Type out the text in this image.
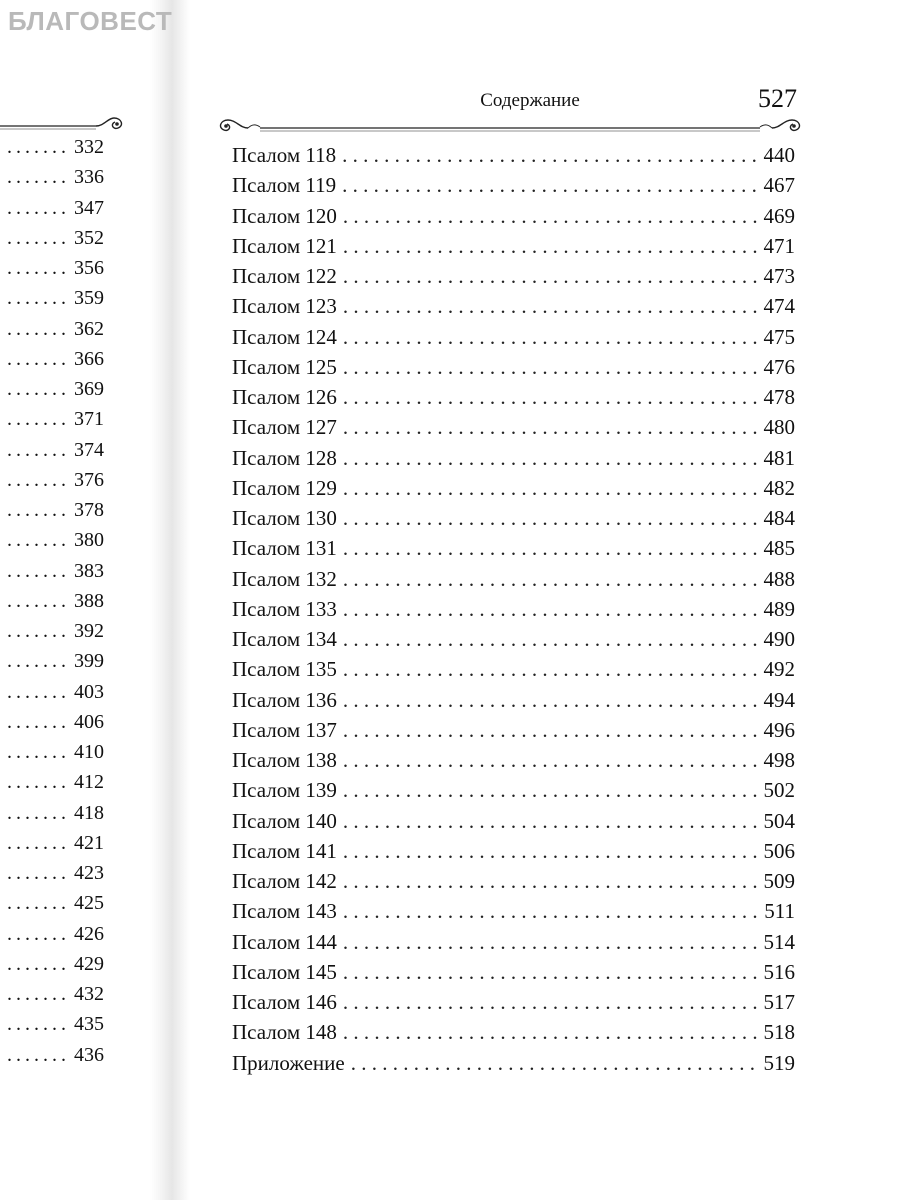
БЛАГОВЕСТ
....... 332
....... 336
....... 347
....... 352
....... 356
....... 359
....... 362
....... 366
....... 369
....... 371
....... 374
....... 376
....... 378
....... 380
....... 383
....... 388
....... 392
....... 399
....... 403
....... 406
....... 410
....... 412
....... 418
....... 421
....... 423
....... 425
....... 426
....... 429
....... 432
....... 435
....... 436
Содержание	527
Псалом 118 . . .	440
Псалом 119 . . .	467
Псалом 120 . . .	469
Псалом 121 . . .	471
Псалом 122 . . .	473
Псалом 123 . . .	474
Псалом 124 . . .	475
Псалом 125 . . .	476
Псалом 126 . . .	478
Псалом 127 . . .	480
Псалом 128 . . .	481
Псалом 129 . . .	482
Псалом 130 . . .	484
Псалом 131 . . .	485
Псалом 132 . . .	488
Псалом 133 . . .	489
Псалом 134 . . .	490
Псалом 135 . . .	492
Псалом 136 . . .	494
Псалом 137 . . .	496
Псалом 138 . . .	498
Псалом 139 . . .	502
Псалом 140 . . .	504
Псалом 141 . . .	506
Псалом 142 . . .	509
Псалом 143 . . .	511
Псалом 144 . . .	514
Псалом 145 . . .	516
Псалом 146 . . .	517
Псалом 148 . . .	518
Приложение . . .	519
